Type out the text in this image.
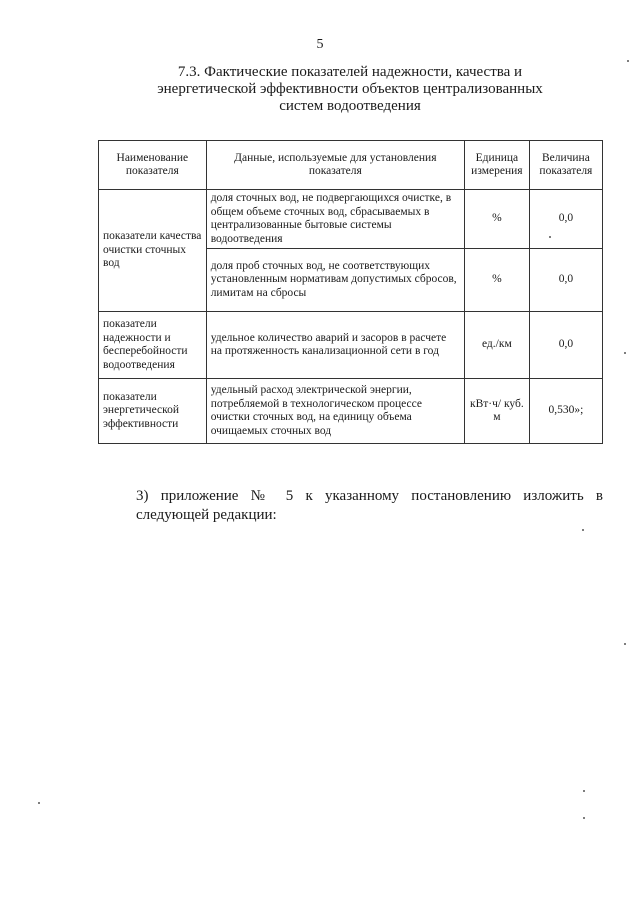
5
7.3. Фактические показателей надежности, качества и
энергетической эффективности объектов централизованных
систем водоотведения
Наименование показателя	Данные, используемые для установления показателя	Единица измерения	Величина показателя
показатели качества очистки сточных вод	доля сточных вод, не подвергающихся очистке, в общем объеме сточных вод, сбрасываемых в централизованные бытовые системы водоотведения	%	0,0
	доля проб сточных вод, не соответствующих установленным нормативам допустимых сбросов, лимитам на сбросы	%	0,0
показатели надежности и бесперебойности водоотведения	удельное количество аварий и засоров в расчете на протяженность канализационной сети в год	ед./км	0,0
показатели энергетической эффективности	удельный расход электрической энергии, потребляемой в технологическом процессе очистки сточных вод, на единицу объема очищаемых сточных вод	кВт·ч/ куб. м	0,530»;
3) приложение № 5 к указанному постановлению изложить в следующей редакции:
